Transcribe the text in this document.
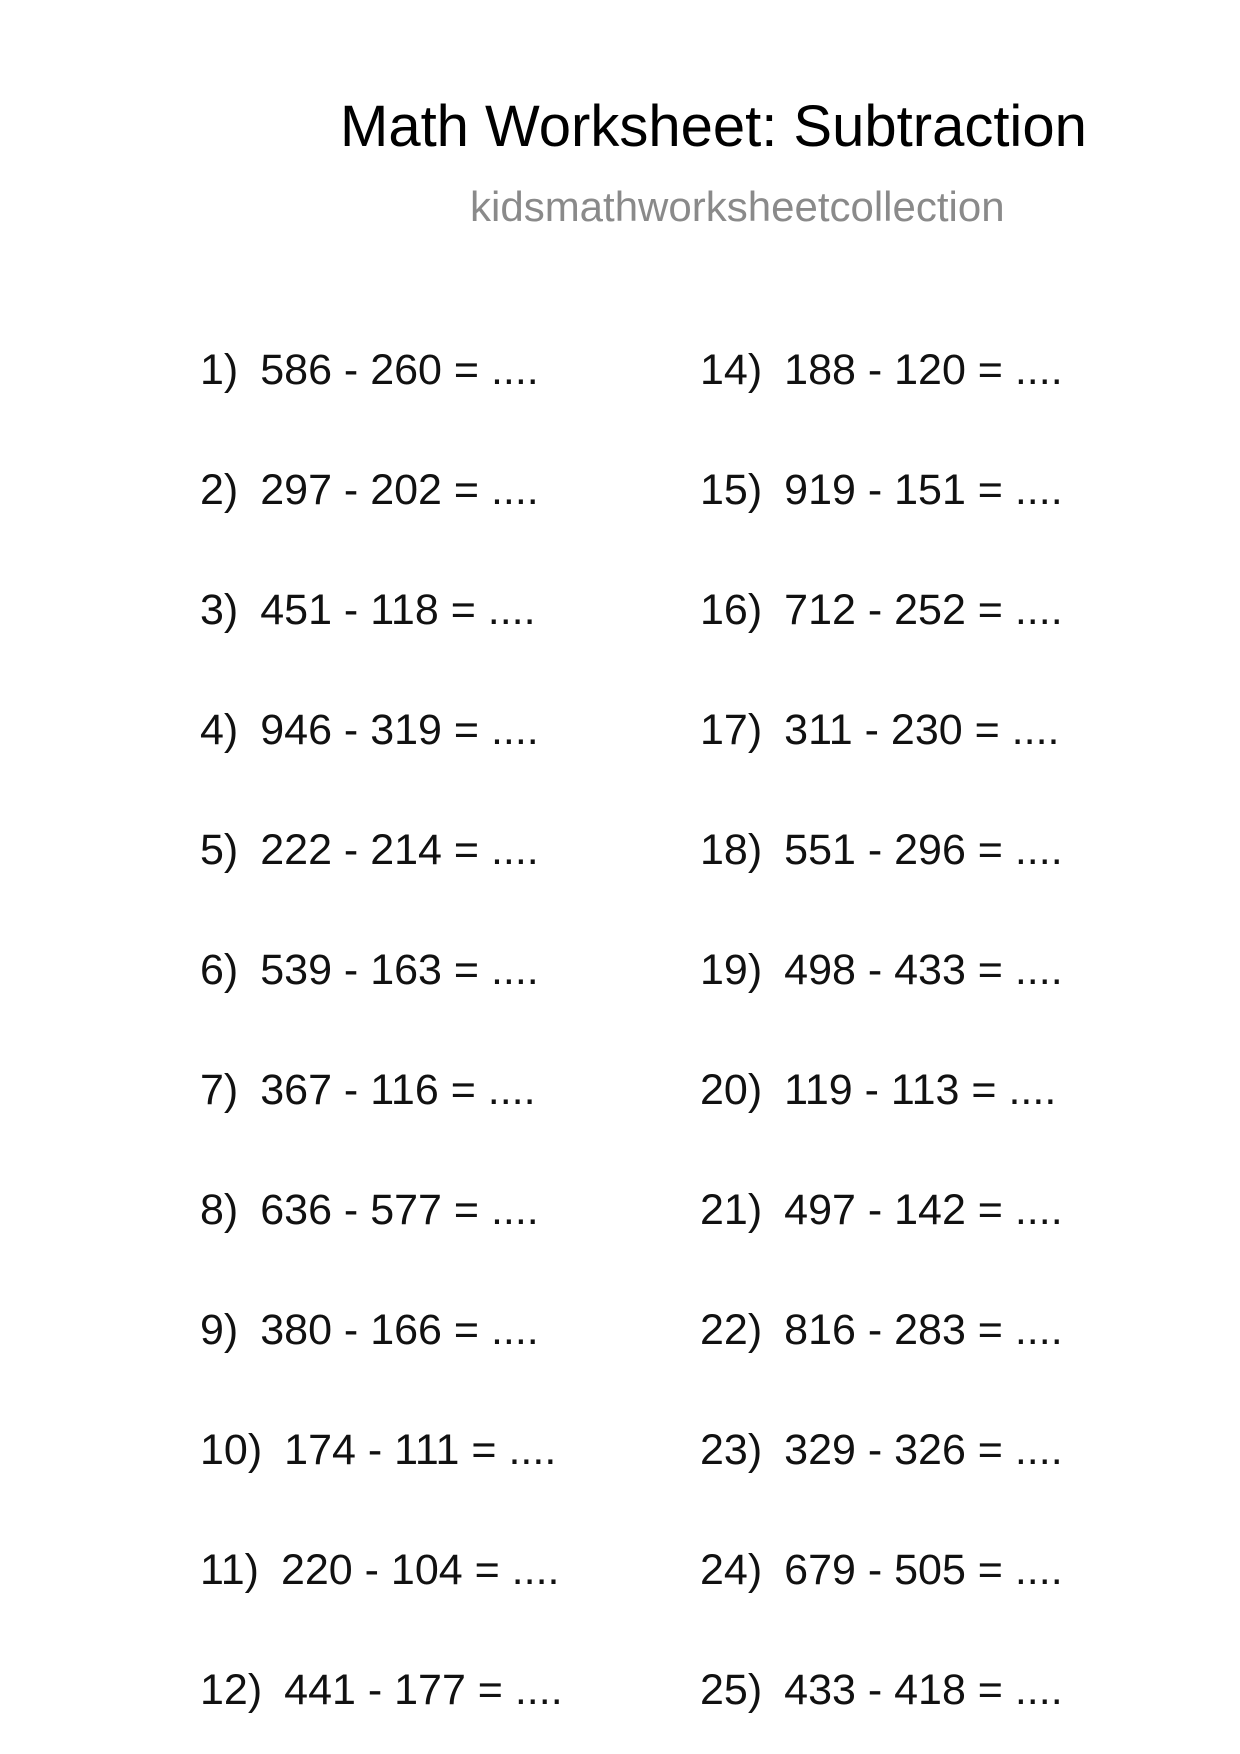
Math Worksheet: Subtraction
kidsmathworksheetcollection
1) 586 - 260 = ....
2) 297 - 202 = ....
3) 451 - 118 = ....
4) 946 - 319 = ....
5) 222 - 214 = ....
6) 539 - 163 = ....
7) 367 - 116 = ....
8) 636 - 577 = ....
9) 380 - 166 = ....
10) 174 - 111 = ....
11) 220 - 104 = ....
12) 441 - 177 = ....
14) 188 - 120 = ....
15) 919 - 151 = ....
16) 712 - 252 = ....
17) 311 - 230 = ....
18) 551 - 296 = ....
19) 498 - 433 = ....
20) 119 - 113 = ....
21) 497 - 142 = ....
22) 816 - 283 = ....
23) 329 - 326 = ....
24) 679 - 505 = ....
25) 433 - 418 = ....
